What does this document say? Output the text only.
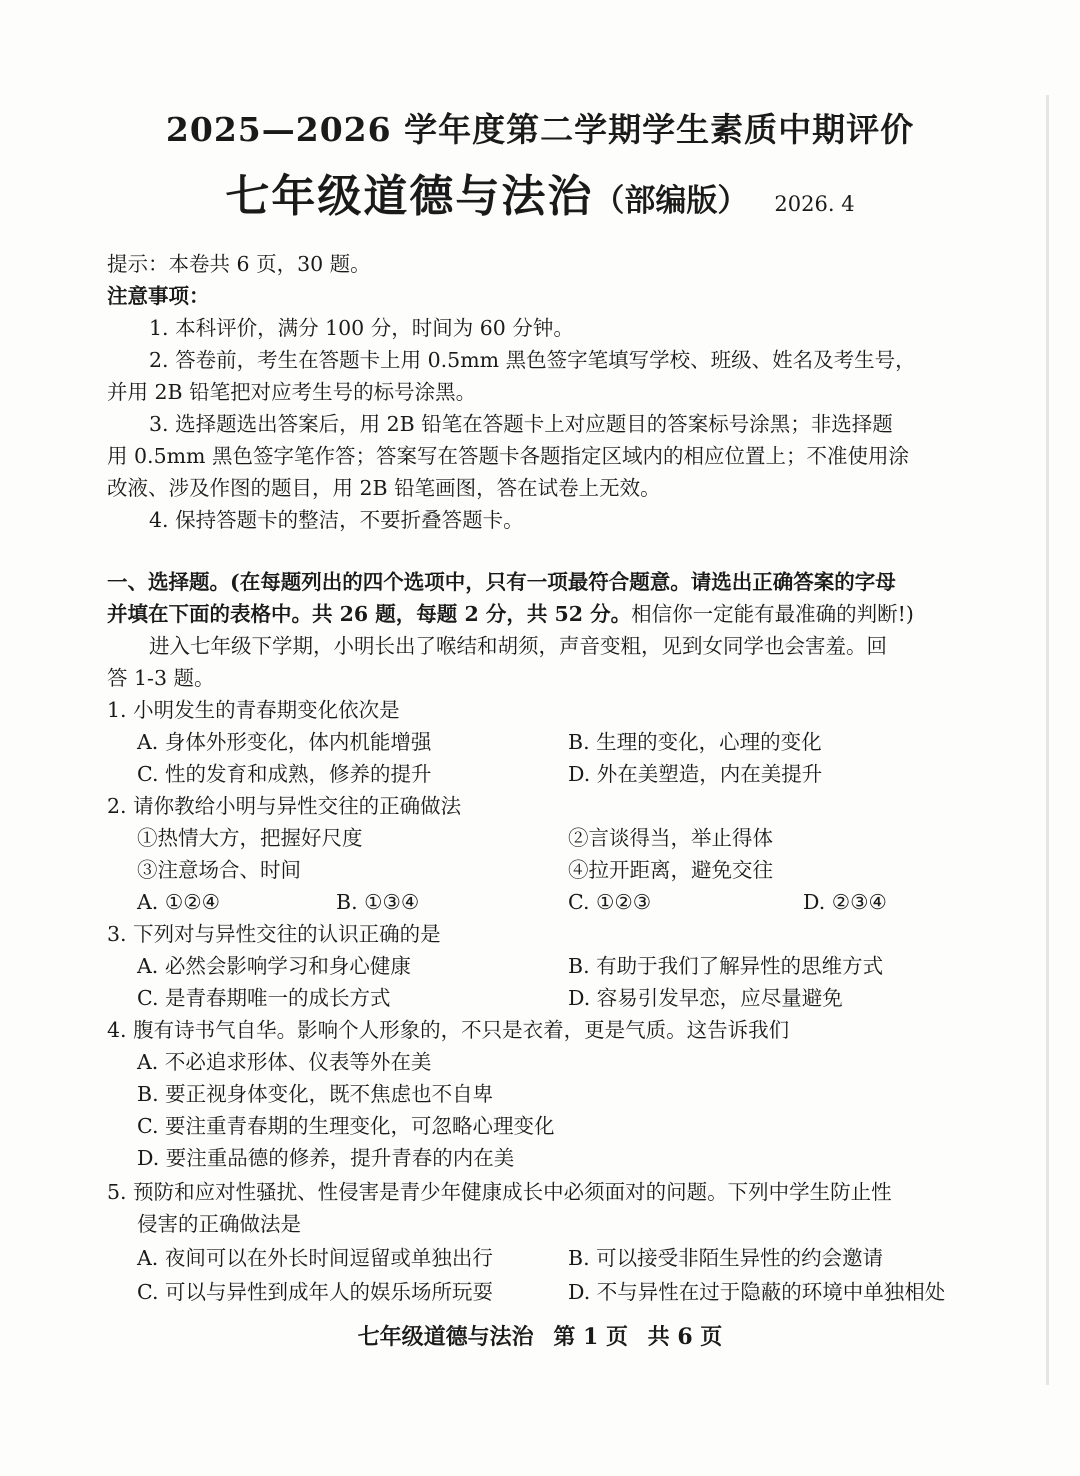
2025—2026 学年度第二学期学生素质中期评价
七年级道德与法治（部编版） 2026. 4
提示：本卷共 6 页，30 题。
注意事项：
1. 本科评价，满分 100 分，时间为 60 分钟。
2. 答卷前，考生在答题卡上用 0.5mm 黑色签字笔填写学校、班级、姓名及考生号，
并用 2B 铅笔把对应考生号的标号涂黑。
3. 选择题选出答案后，用 2B 铅笔在答题卡上对应题目的答案标号涂黑；非选择题
用 0.5mm 黑色签字笔作答；答案写在答题卡各题指定区域内的相应位置上；不准使用涂
改液、涉及作图的题目，用 2B 铅笔画图，答在试卷上无效。
4. 保持答题卡的整洁，不要折叠答题卡。
一、选择题。(在每题列出的四个选项中，只有一项最符合题意。请选出正确答案的字母
并填在下面的表格中。共 26 题，每题 2 分，共 52 分。相信你一定能有最准确的判断!)
进入七年级下学期，小明长出了喉结和胡须，声音变粗，见到女同学也会害羞。回
答 1-3 题。
1. 小明发生的青春期变化依次是
A. 身体外形变化，体内机能增强	B. 生理的变化，心理的变化
C. 性的发育和成熟，修养的提升	D. 外在美塑造，内在美提升
2. 请你教给小明与异性交往的正确做法
①热情大方，把握好尺度	②言谈得当，举止得体
③注意场合、时间	④拉开距离，避免交往
A. ①②④	B. ①③④	C. ①②③	D. ②③④
3. 下列对与异性交往的认识正确的是
A. 必然会影响学习和身心健康	B. 有助于我们了解异性的思维方式
C. 是青春期唯一的成长方式	D. 容易引发早恋，应尽量避免
4. 腹有诗书气自华。影响个人形象的，不只是衣着，更是气质。这告诉我们
A. 不必追求形体、仪表等外在美
B. 要正视身体变化，既不焦虑也不自卑
C. 要注重青春期的生理变化，可忽略心理变化
D. 要注重品德的修养，提升青春的内在美
5. 预防和应对性骚扰、性侵害是青少年健康成长中必须面对的问题。下列中学生防止性
侵害的正确做法是
A. 夜间可以在外长时间逗留或单独出行	B. 可以接受非陌生异性的约会邀请
C. 可以与异性到成年人的娱乐场所玩耍	D. 不与异性在过于隐蔽的环境中单独相处
七年级道德与法治 第 1 页 共 6 页
